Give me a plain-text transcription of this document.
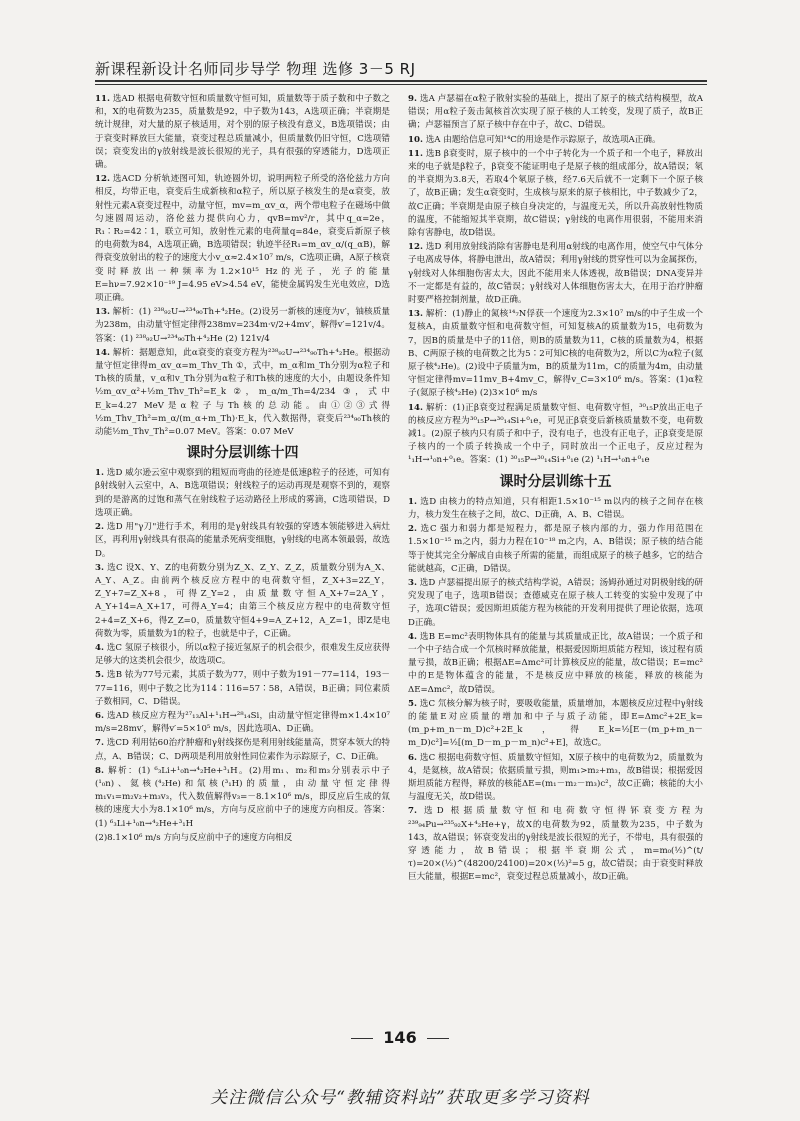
新课程新设计名师同步导学 物理 选修 3－5 RJ

11. 选AD 根据电荷数守恒和质量数守恒可知，质量数等于质子数和中子数之和，X的电荷数为235，质量数是92，中子数为143，A选项正确；半衰期是统计规律，对大量的原子核适用，对个别的原子核没有意义，B选项错误；由于衰变时释放巨大能量，衰变过程总质量减小，但质量数仍旧守恒，C选项错误；衰变发出的γ放射线是波长很短的光子，具有很强的穿透能力，D选项正确。

12. 选ACD 分析轨迹图可知，轨迹圆外切，说明两粒子所受的洛伦兹力方向相反，均带正电，衰变后生成新核和α粒子，所以原子核发生的是α衰变，放射性元素A衰变过程中，动量守恒，mv=m_αv_α，两个带电粒子在磁场中做匀速圆周运动，洛伦兹力提供向心力，qvB=mv²/r，其中q_α=2e，R₁∶R₂=42∶1，联立可知，放射性元素的电荷量q=84e，衰变后新原子核的电荷数为84，A选项正确，B选项错误；轨迹半径R₁=m_αv_α/(q_αB)，解得衰变放射出的粒子的速度大小v_α≈2.4×10⁷ m/s，C选项正确，A原子核衰变时释放出一种频率为1.2×10¹⁵ Hz的光子，光子的能量E=hν=7.92×10⁻¹⁹ J=4.95 eV>4.54 eV，能使金属钨发生光电效应，D选项正确。

13. 解析：(1) ²³⁸₉₂U→²³⁴₉₀Th+⁴₂He。(2)设另一新核的速度为v′，铀核质量为238m，由动量守恒定律得238mv=234m·v/2+4mv′，解得v′=121v/4。答案：(1) ²³⁸₉₂U→²³⁴₉₀Th+⁴₂He (2) 121v/4

14. 解析：据题意知，此α衰变的衰变方程为²³⁸₉₂U→²³⁴₉₀Th+⁴₂He。根据动量守恒定律得m_αv_α=m_Thv_Th ①，式中，m_α和m_Th分别为α粒子和Th核的质量，v_α和v_Th分别为α粒子和Th核的速度的大小，由题设条件知 ½m_αv_α²+½m_Thv_Th²=E_k ②，m_α/m_Th=4/234 ③，式中E_k=4.27 MeV是α粒子与Th核的总动能。由①②③式得½m_Thv_Th²=m_α/(m_α+m_Th)·E_k，代入数据得，衰变后²³⁴₉₀Th核的动能½m_Thv_Th²=0.07 MeV。答案：0.07 MeV

课时分层训练十四

1. 选D 威尔逊云室中观察到的粗短而弯曲的径迹是低速β粒子的径迹，可知有β射线射入云室中，A、B选项错误；射线粒子的运动再现是观察不到的，观察到的是游离的过饱和蒸气在射线粒子运动路径上形成的雾滴，C选项错误，D选项正确。

2. 选D 用"γ刀"进行手术，利用的是γ射线具有较强的穿透本领能够进入病灶区，再利用γ射线具有很高的能量杀死病变细胞，γ射线的电离本领最弱，故选D。

3. 选C 设X、Y、Z的电荷数分别为Z_X、Z_Y、Z_Z，质量数分别为A_X、A_Y、A_Z。由前两个核反应方程中的电荷数守恒，Z_X+3=2Z_Y，Z_Y+7=Z_X+8，可得Z_Y=2，由质量数守恒A_X+7=2A_Y，A_Y+14=A_X+17，可得A_Y=4；由第三个核反应方程中的电荷数守恒2+4=Z_X+6，得Z_Z=0，质量数守恒4+9=A_Z+12，A_Z=1，即Z是电荷数为零，质量数为1的粒子，也就是中子，C正确。

4. 选C 氢原子核很小，所以α粒子接近氢原子的机会很少，很难发生反应获得足够大的这类机会很少，故选项C。

5. 选B 铱为77号元素，其质子数为77，则中子数为191－77=114，193－77=116，则中子数之比为114∶116=57∶58，A错误，B正确；同位素质子数相同，C、D错误。

6. 选AD 核反应方程为²⁷₁₃Al+¹₁H→²⁸₁₄Si，由动量守恒定律得m×1.4×10⁷ m/s=28mv′，解得v′=5×10⁵ m/s，因此选项A、D正确。

7. 选CD 利用钴60治疗肿瘤和γ射线探伤是利用射线能量高，贯穿本领大的特点，A、B错误；C、D两项是利用放射性同位素作为示踪原子，C、D正确。

8. 解析：(1) ⁶₃Li+¹₀n→⁴₂He+³₁H。(2)用m₁、m₂和m₃分别表示中子(¹₀n)、氦核(⁴₂He)和氚核(³₁H)的质量，由动量守恒定律得m₁v₁=m₂v₂+m₃v₃，代入数值解得v₃=－8.1×10⁶ m/s，即反应后生成的氚核的速度大小为8.1×10⁶ m/s，方向与反应前中子的速度方向相反。答案：(1) ⁶₃Li+¹₀n→⁴₂He+³₁H

(2)8.1×10⁶ m/s 方向与反应前中子的速度方向相反

9. 选A 卢瑟福在α粒子散射实验的基础上，提出了原子的核式结构模型，故A错误；用α粒子轰击氮核首次实现了原子核的人工转变，发现了质子，故B正确；卢瑟福预言了原子核中存在中子，故C、D错误。

10. 选A 由题给信息可知¹⁴C的用途是作示踪原子，故选项A正确。

11. 选B β衰变时，原子核中的一个中子转化为一个质子和一个电子，释放出来的电子就是β粒子，β衰变不能证明电子是原子核的组成部分，故A错误；氡的半衰期为3.8天，若取4个氡原子核，经7.6天后就不一定剩下一个原子核了，故B正确；发生α衰变时，生成核与原来的原子核相比，中子数减少了2，故C正确；半衰期是由原子核自身决定的，与温度无关，所以升高放射性物质的温度，不能缩短其半衰期，故C错误；γ射线的电离作用很弱，不能用来消除有害静电，故D错误。

12. 选D 利用放射线消除有害静电是利用α射线的电离作用，使空气中气体分子电离成导体，将静电泄出，故A错误；利用γ射线的贯穿性可以为金属探伤，γ射线对人体细胞伤害太大，因此不能用来人体透视，故B错误；DNA变异并不一定都是有益的，故C错误；γ射线对人体细胞伤害太大，在用于治疗肿瘤时要严格控制剂量，故D正确。

13. 解析：(1)静止的氮核¹⁴₇N俘获一个速度为2.3×10⁷ m/s的中子生成一个复核A，由质量数守恒和电荷数守恒，可知复核A的质量数为15，电荷数为7，因B的质量是中子的11倍，则B的质量数为11，C核的质量数为4，根据B、C两原子核的电荷数之比为5∶2可知C核的电荷数为2，所以C为α粒子(氦原子核⁴₂He)。(2)设中子质量为m，B的质量为11m，C的质量为4m，由动量守恒定律得mv=11mv_B+4mv_C，解得v_C=3×10⁶ m/s。答案：(1)α粒子(氦原子核⁴₂He) (2)3×10⁶ m/s

14. 解析：(1)正β衰变过程满足质量数守恒、电荷数守恒，³⁰₁₅P放出正电子的核反应方程为³⁰₁₅P→³⁰₁₄Si+⁰₁e，可见正β衰变后新核质量数不变，电荷数减1。(2)原子核内只有质子和中子，没有电子，也没有正电子，正β衰变是原子核内的一个质子转换成一个中子，同时放出一个正电子，反应过程为¹₁H→¹₀n+⁰₁e。答案：(1) ³⁰₁₅P→³⁰₁₄Si+⁰₁e (2) ¹₁H→¹₀n+⁰₁e

课时分层训练十五

1. 选D 由核力的特点知道，只有相距1.5×10⁻¹⁵ m以内的核子之间存在核力，核力发生在核子之间，故C、D正确，A、B、C错误。

2. 选C 强力和弱力都是短程力，都是原子核内部的力，强力作用范围在1.5×10⁻¹⁵ m之内，弱力力程在10⁻¹⁸ m之内，A、B错误；原子核的结合能等于使其完全分解成自由核子所需的能量，而组成原子的核子越多，它的结合能就越高，C正确，D错误。

3. 选D 卢瑟福提出原子的核式结构学说，A错误；汤姆孙通过对阴极射线的研究发现了电子，选项B错误；查德威克在原子核人工转变的实验中发现了中子，选项C错误；爱因斯坦质能方程为核能的开发利用提供了理论依据，选项D正确。

4. 选B E=mc²表明物体具有的能量与其质量成正比，故A错误；一个质子和一个中子结合成一个氘核时释放能量，根据爱因斯坦质能方程知，该过程有质量亏损，故B正确；根据ΔE=Δmc²可计算核反应的能量，故C错误；E=mc²中的E是物体蕴含的能量，不是核反应中释放的核能，释放的核能为ΔE=Δmc²，故D错误。

5. 选C 氘核分解为核子时，要吸收能量，质量增加，本题核反应过程中γ射线的能量E对应质量的增加和中子与质子动能，即E=Δmc²+2E_k=(m_p+m_n－m_D)c²+2E_k，得E_k=½[E－(m_p+m_n－m_D)c²]=½[(m_D－m_p－m_n)c²+E]，故选C。

6. 选C 根据电荷数守恒、质量数守恒知，X原子核中的电荷数为2，质量数为4，是氦核，故A错误；依据质量亏损，则m₁>m₂+m₃，故B错误；根据爱因斯坦质能方程得，释放的核能ΔE=(m₁－m₂－m₃)c²，故C正确；核能的大小与温度无关，故D错误。

7. 选D 根据质量数守恒和电荷数守恒得钚衰变方程为²³⁹₉₄Pu→²³⁵₉₂X+⁴₂He+γ，故X的电荷数为92，质量数为235，中子数为143，故A错误；钚衰变发出的γ射线是波长很短的光子，不带电，具有很强的穿透能力，故B错误；根据半衰期公式，m=m₀(½)^(t/τ)=20×(½)^(48200/24100)=20×(½)²=5 g，故C错误；由于衰变时释放巨大能量，根据E=mc²，衰变过程总质量减小，故D正确。

146
关注微信公众号“教辅资料站”获取更多学习资料
